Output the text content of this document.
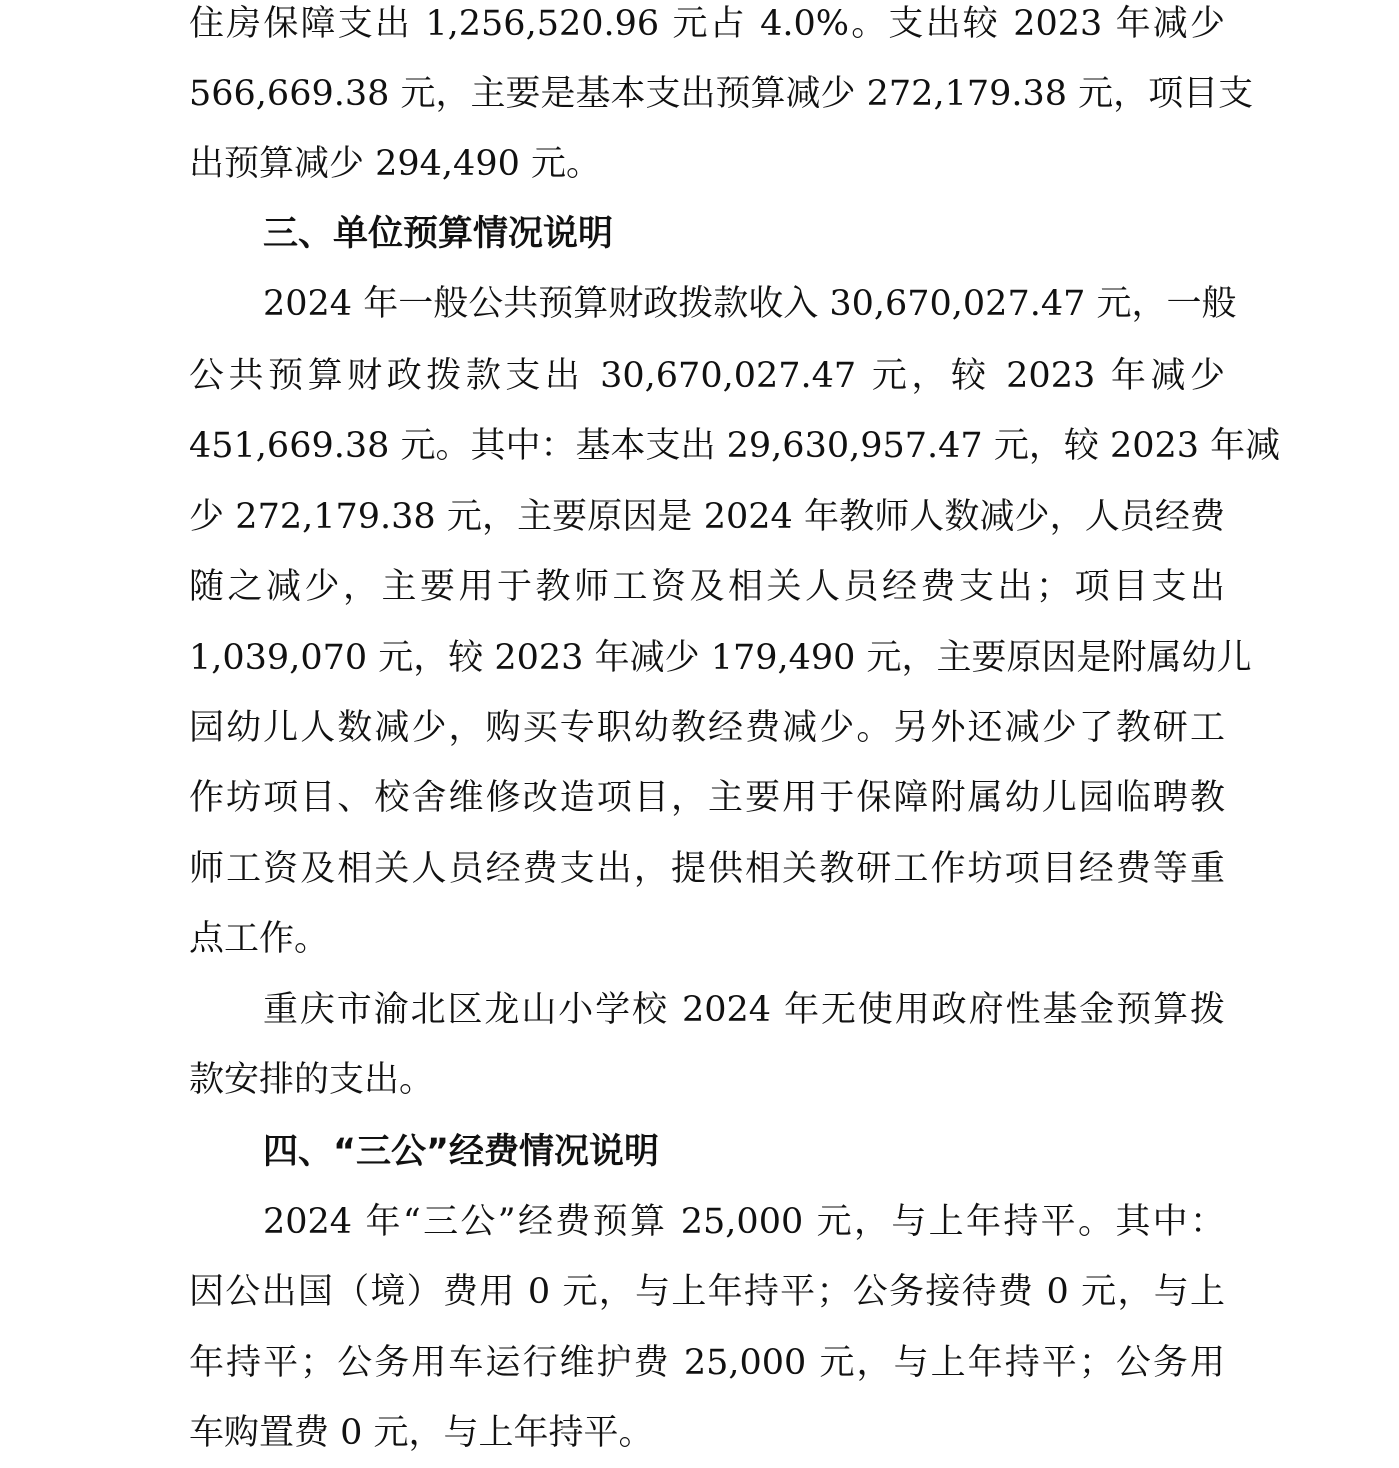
住房保障支出 1,256,520.96 元占 4.0%。支出较 2023 年减少
566,669.38 元，主要是基本支出预算减少 272,179.38 元，项目支
出预算减少 294,490 元。
三、单位预算情况说明
2024 年一般公共预算财政拨款收入 30,670,027.47 元，一般
公共预算财政拨款支出 30,670,027.47 元，较 2023 年减少
451,669.38 元。其中：基本支出 29,630,957.47 元，较 2023 年减
少 272,179.38 元，主要原因是 2024 年教师人数减少，人员经费
随之减少，主要用于教师工资及相关人员经费支出；项目支出
1,039,070 元，较 2023 年减少 179,490 元，主要原因是附属幼儿
园幼儿人数减少，购买专职幼教经费减少。另外还减少了教研工
作坊项目、校舍维修改造项目，主要用于保障附属幼儿园临聘教
师工资及相关人员经费支出，提供相关教研工作坊项目经费等重
点工作。
重庆市渝北区龙山小学校 2024 年无使用政府性基金预算拨
款安排的支出。
四、“三公”经费情况说明
2024 年“三公”经费预算 25,000 元，与上年持平。其中：
因公出国（境）费用 0 元，与上年持平；公务接待费 0 元，与上
年持平；公务用车运行维护费 25,000 元，与上年持平；公务用
车购置费 0 元，与上年持平。
